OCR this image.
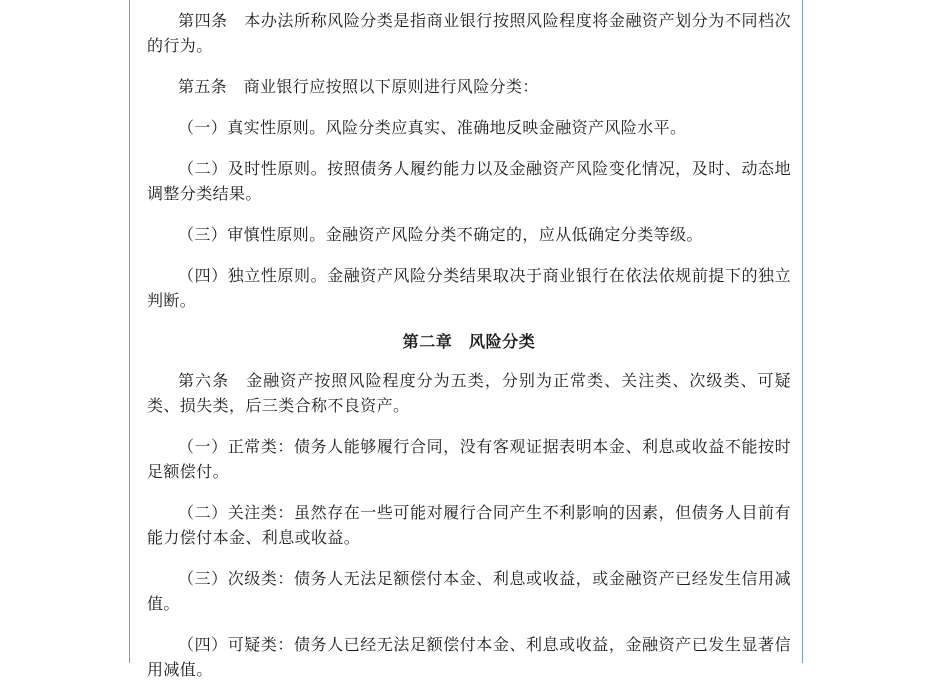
第四条　本办法所称风险分类是指商业银行按照风险程度将金融资产划分为不同档次的行为。

第五条　商业银行应按照以下原则进行风险分类：

（一）真实性原则。风险分类应真实、准确地反映金融资产风险水平。

（二）及时性原则。按照债务人履约能力以及金融资产风险变化情况，及时、动态地调整分类结果。

（三）审慎性原则。金融资产风险分类不确定的，应从低确定分类等级。

（四）独立性原则。金融资产风险分类结果取决于商业银行在依法依规前提下的独立判断。

第二章　风险分类

第六条　金融资产按照风险程度分为五类，分别为正常类、关注类、次级类、可疑类、损失类，后三类合称不良资产。

（一）正常类：债务人能够履行合同，没有客观证据表明本金、利息或收益不能按时足额偿付。

（二）关注类：虽然存在一些可能对履行合同产生不利影响的因素，但债务人目前有能力偿付本金、利息或收益。

（三）次级类：债务人无法足额偿付本金、利息或收益，或金融资产已经发生信用减值。

（四）可疑类：债务人已经无法足额偿付本金、利息或收益，金融资产已发生显著信用减值。
